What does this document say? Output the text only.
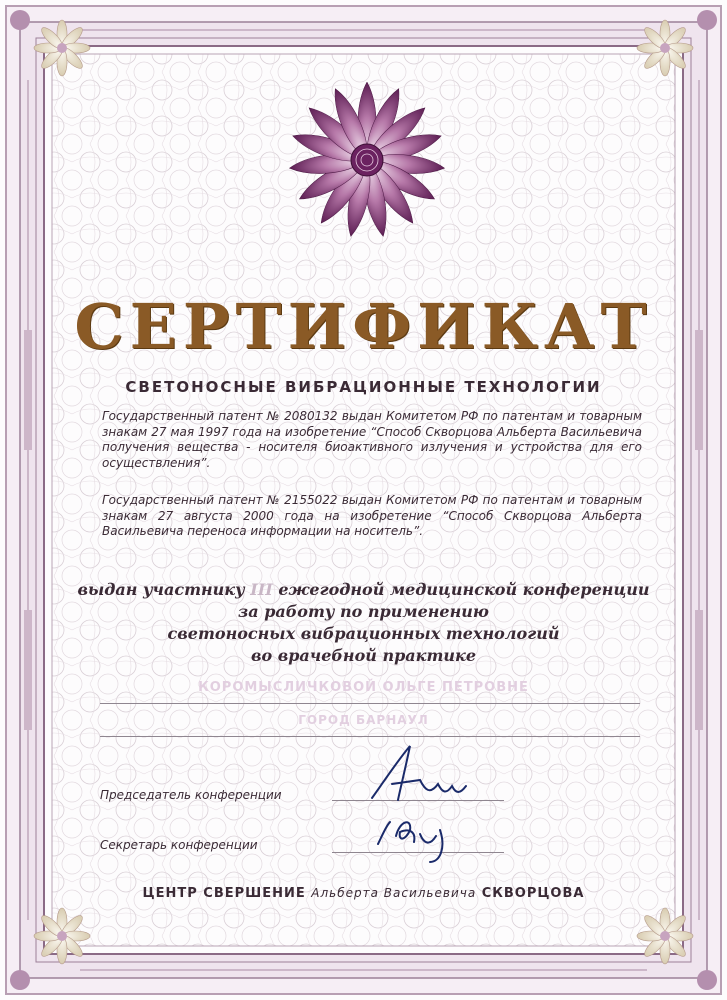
СЕРТИФИКАТ
СВЕТОНОСНЫЕ ВИБРАЦИОННЫЕ ТЕХНОЛОГИИ
Государственный патент № 2080132 выдан Комитетом РФ по патентам и товарным знакам 27 мая 1997 года на изобретение “Способ Скворцова Альберта Васильевича получения вещества - носителя биоактивного излучения и устройства для его осуществления”.
Государственный патент № 2155022 выдан Комитетом РФ по патентам и товарным знакам 27 августа 2000 года на изобретение “Способ Скворцова Альберта Васильевича переноса информации на носитель”.
выдан участнику III ежегодной медицинской конференции
за работу по применению
светоносных вибрационных технологий
во врачебной практике
КОРОМЫСЛИЧКОВОЙ ОЛЬГЕ ПЕТРОВНЕ
ГОРОД БАРНАУЛ
Председатель конференции
Секретарь конференции
ЦЕНТР СВЕРШЕНИЕ Альберта Васильевича СКВОРЦОВА
